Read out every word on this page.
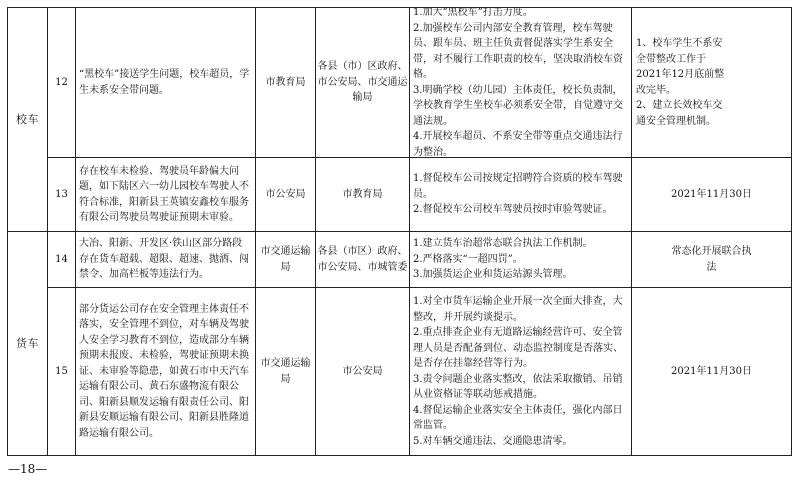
校车
12
“黑校车”接送学生问题，校车超员，学生未系安全带问题。
市教育局
各县（市）区政府、市公安局、市交通运输局
1.加大“黑校车”打击力度。
2.加强校车公司内部安全教育管理，校车驾驶员、跟车员、班主任负责督促落实学生系安全带，对不履行工作职责的校车，坚决取消校车资格。
3.明确学校（幼儿园）主体责任，校长负责制，学校教育学生坐校车必须系安全带，自觉遵守交通法规。
4.开展校车超员、不系安全带等重点交通违法行为整治。
1、校车学生不系安全带整改工作于2021年12月底前整改完毕。
2、建立长效校车交通安全管理机制。
13
存在校车未检验、驾驶员年龄偏大问题，如下陆区六一幼儿园校车驾驶人不符合标准，阳新县王英镇安鑫校车服务有限公司驾驶员驾驶证预期未审验。
市公安局	市教育局
1.督促校车公司按规定招聘符合资质的校车驾驶员。
2.督促校车公司校车驾驶员按时审验驾驶证。
2021年11月30日
货车
14
大冶、阳新、开发区·铁山区部分路段存在货车超载、超限、超速、抛洒、闯禁令、加高栏板等违法行为。
市交通运输局
各县（市区）政府、市公安局、市城管委
1.建立货车治超常态联合执法工作机制。
2.严格落实“一超四罚”。
3.加强货运企业和货运站源头管理。
常态化开展联合执法
15
部分货运公司存在安全管理主体责任不落实，安全管理不到位，对车辆及驾驶人安全学习教育不到位，造成部分车辆预期未报废、未检验，驾驶证预期未换证、未审验等隐患，如黄石市中天汽车运输有限公司、黄石东盛物流有限公司、阳新县顺发运输有限责任公司、阳新县安顺运输有限公司、阳新县胜隆道路运输有限公司。
市交通运输局
市公安局
1.对全市货车运输企业开展一次全面大排查，大整改，并开展约谈提示。
2.重点排查企业有无道路运输经营许可、安全管理人员是否配备到位、动态监控制度是否落实、是否存在挂靠经营等行为。
3.责令问题企业落实整改，依法采取撤销、吊销从业资格证等联动惩戒措施。
4.督促运输企业落实安全主体责任，强化内部日常监管。
5.对车辆交通违法、交通隐患清零。
2021年11月30日
—18—
